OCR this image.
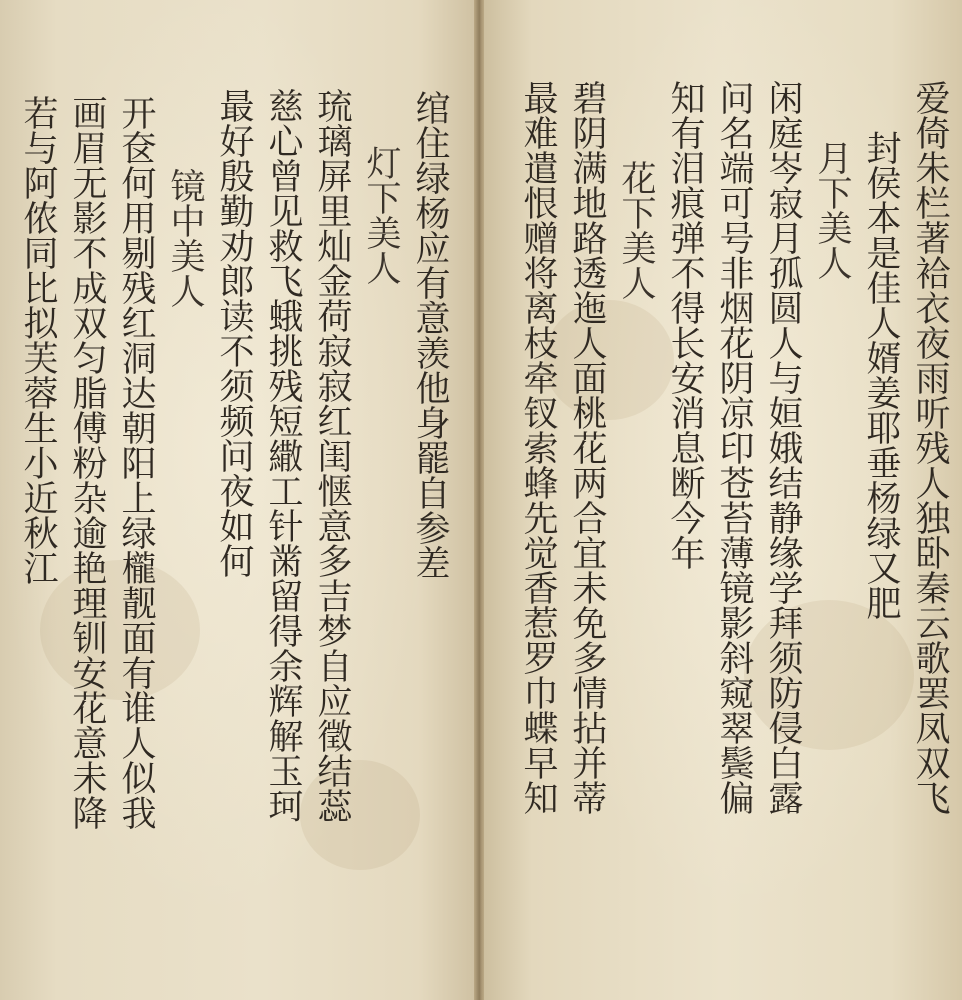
绾住绿杨应有意羡他身罷自参差
灯下美人
琉璃屏里灿金荷寂寂红闺惬意多吉梦自应徵结蕊
慈心曾见救飞蛾挑残短繖工针黹留得余辉解玉珂
最好殷勤劝郎读不须频问夜如何
镜中美人
开奁何用剔残红洞达朝阳上绿櫳靓面有谁人似我
画眉无影不成双匀脂傅粉杂逾艳理钏安花意未降
若与阿侬同比拟芙蓉生小近秋江	爱倚朱栏著袷衣夜雨听残人独卧秦云歌罢凤双飞
封侯本是佳人婿姜耶垂杨绿又肥
月下美人
闲庭岑寂月孤圆人与姮娥结静缘学拜须防侵白露
问名端可号非烟花阴凉印苍苔薄镜影斜窥翠鬓偏
知有泪痕弹不得长安消息断今年
花下美人
碧阴满地路透迤人面桃花两合宜未免多情拈并蒂
最难遣恨赠将离枝牵钗索蜂先觉香惹罗巾蝶早知
